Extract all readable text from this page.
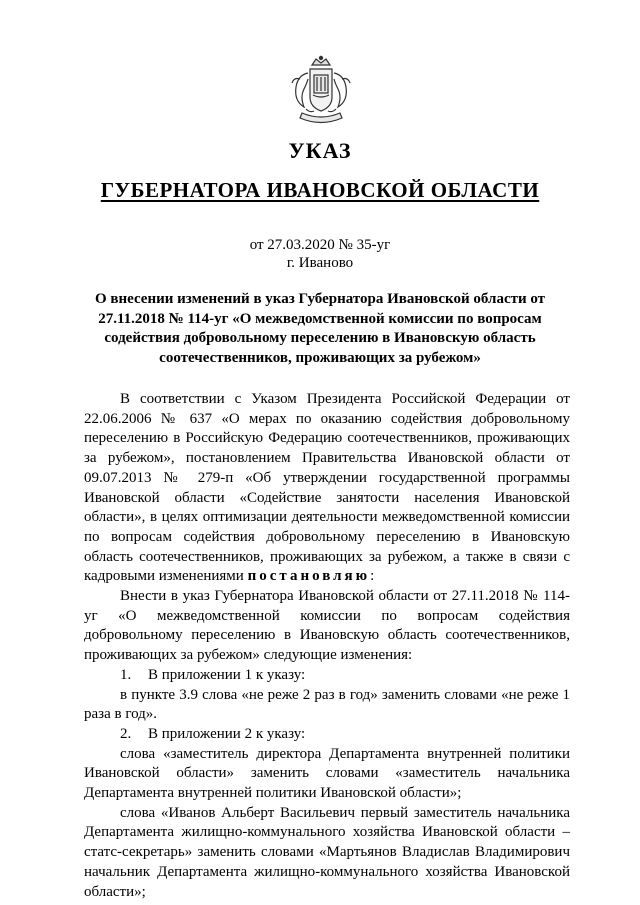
УКАЗ
ГУБЕРНАТОРА ИВАНОВСКОЙ ОБЛАСТИ
от 27.03.2020 № 35-уг
г. Иваново
О внесении изменений в указ Губернатора Ивановской области от 27.11.2018 № 114-уг «О межведомственной комиссии по вопросам содействия добровольному переселению в Ивановскую область соотечественников, проживающих за рубежом»

В соответствии с Указом Президента Российской Федерации от 22.06.2006 № 637 «О мерах по оказанию содействия добровольному переселению в Российскую Федерацию соотечественников, проживающих за рубежом», постановлением Правительства Ивановской области от 09.07.2013 № 279-п «Об утверждении государственной программы Ивановской области «Содействие занятости населения Ивановской области», в целях оптимизации деятельности межведомственной комиссии по вопросам содействия добровольному переселению в Ивановскую область соотечественников, проживающих за рубежом, а также в связи с кадровыми изменениями постановляю:

Внести в указ Губернатора Ивановской области от 27.11.2018 № 114-уг «О межведомственной комиссии по вопросам содействия добровольному переселению в Ивановскую область соотечественников, проживающих за рубежом» следующие изменения:

1. В приложении 1 к указу:

в пункте 3.9 слова «не реже 2 раз в год» заменить словами «не реже 1 раза в год».

2. В приложении 2 к указу:

слова «заместитель директора Департамента внутренней политики Ивановской области» заменить словами «заместитель начальника Департамента внутренней политики Ивановской области»;

слова «Иванов Альберт Васильевич первый заместитель начальника Департамента жилищно-коммунального хозяйства Ивановской области – статс-секретарь» заменить словами «Мартьянов Владислав Владимирович начальник Департамента жилищно-коммунального хозяйства Ивановской области»;
